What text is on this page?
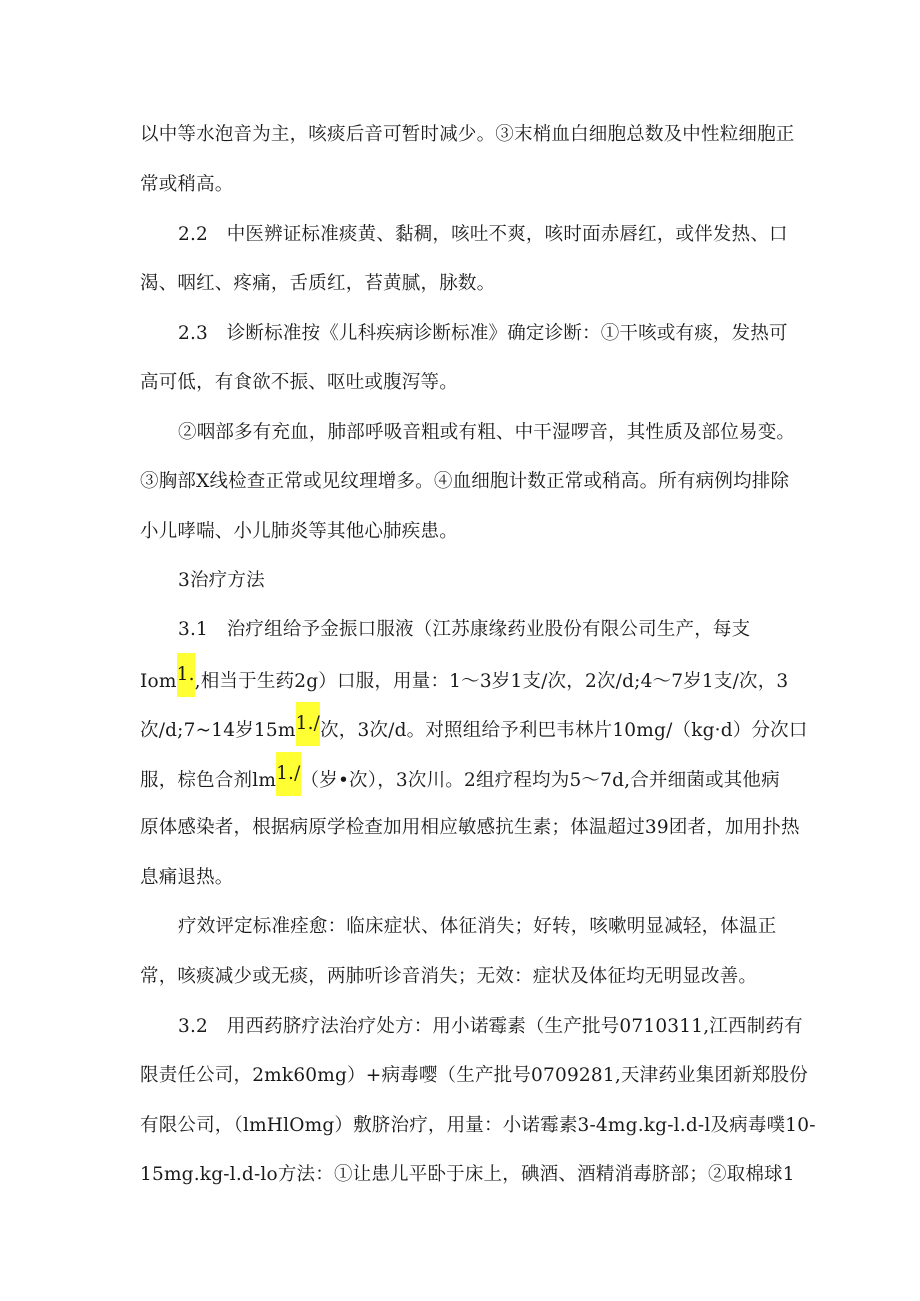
以中等水泡音为主，咳痰后音可暂时减少。③末梢血白细胞总数及中性粒细胞正
常或稍高。
2.2　中医辨证标准痰黄、黏稠，咳吐不爽，咳时面赤唇红，或伴发热、口
渴、咽红、疼痛，舌质红，苔黄腻，脉数。
2.3　诊断标准按《儿科疾病诊断标准》确定诊断：①干咳或有痰，发热可
高可低，有食欲不振、呕吐或腹泻等。
②咽部多有充血，肺部呼吸音粗或有粗、中干湿啰音，其性质及部位易变。
③胸部X线检查正常或见纹理增多。④血细胞计数正常或稍高。所有病例均排除
小儿哮喘、小儿肺炎等其他心肺疾患。
3治疗方法
3.1　治疗组给予金振口服液（江苏康缘药业股份有限公司生产，每支
Iom1.,相当于生药2g）口服，用量：1～3岁1支/次，2次/d;4～7岁1支/次，3
次/d;7~14岁15m1./次，3次/d。对照组给予利巴韦林片10mg/（kg·d）分次口
服，棕色合剂lm1./（岁•次），3次川。2组疗程均为5～7d,合并细菌或其他病
原体感染者，根据病原学检查加用相应敏感抗生素；体温超过39团者，加用扑热
息痛退热。
疗效评定标准痊愈：临床症状、体征消失；好转，咳嗽明显减轻，体温正
常，咳痰减少或无痰，两肺听诊音消失；无效：症状及体征均无明显改善。
3.2　用西药脐疗法治疗处方：用小诺霉素（生产批号0710311,江西制药有
限责任公司，2mk60mg）+病毒嘤（生产批号0709281,天津药业集团新郑股份
有限公司，（lmHlOmg）敷脐治疗，用量：小诺霉素3-4mg.kg-l.d-l及病毒噗10-
15mg.kg-l.d-lo方法：①让患儿平卧于床上，碘酒、酒精消毒脐部；②取棉球1
